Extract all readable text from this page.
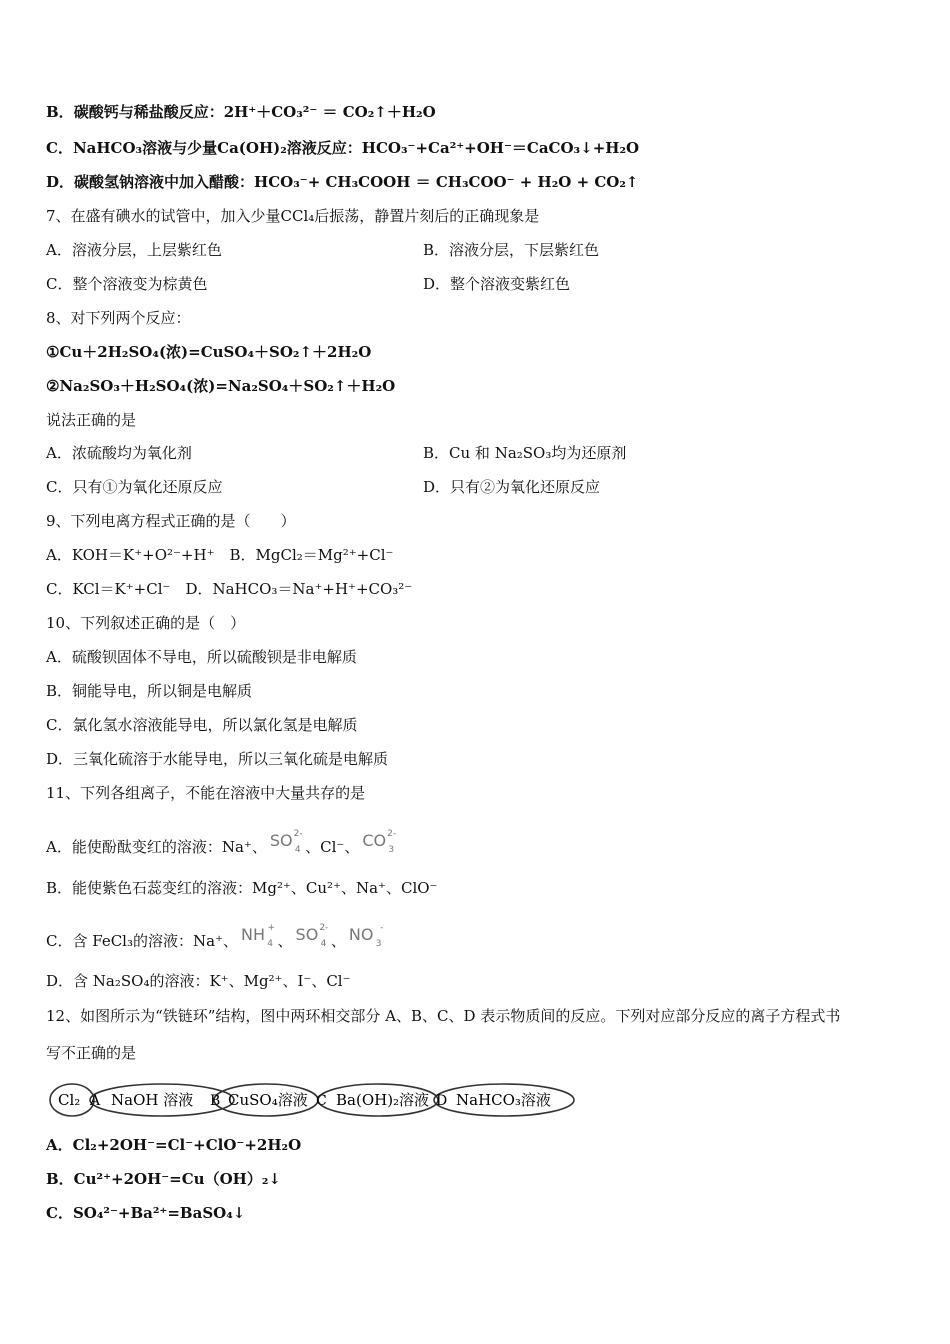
B．碳酸钙与稀盐酸反应：2H⁺＋CO₃²⁻ ＝ CO₂↑＋H₂O
C．NaHCO₃溶液与少量Ca(OH)₂溶液反应：HCO₃⁻+Ca²⁺+OH⁻＝CaCO₃↓+H₂O
D．碳酸氢钠溶液中加入醋酸：HCO₃⁻+ CH₃COOH ＝ CH₃COO⁻ + H₂O + CO₂↑
7、在盛有碘水的试管中，加入少量CCl₄后振荡，静置片刻后的正确现象是
A．溶液分层，上层紫红色	B．溶液分层，下层紫红色
C．整个溶液变为棕黄色	D．整个溶液变紫红色
8、对下列两个反应：
①Cu＋2H₂SO₄(浓)=CuSO₄＋SO₂↑＋2H₂O
②Na₂SO₃＋H₂SO₄(浓)=Na₂SO₄＋SO₂↑＋H₂O
说法正确的是
A．浓硫酸均为氧化剂	B．Cu 和 Na₂SO₃均为还原剂
C．只有①为氧化还原反应	D．只有②为氧化还原反应
9、下列电离方程式正确的是（　　）
A．KOH＝K⁺+O²⁻+H⁺　B．MgCl₂＝Mg²⁺+Cl⁻
C．KCl＝K⁺+Cl⁻　D．NaHCO₃＝Na⁺+H⁺+CO₃²⁻
10、下列叙述正确的是（　）
A．硫酸钡固体不导电，所以硫酸钡是非电解质
B．铜能导电，所以铜是电解质
C．氯化氢水溶液能导电，所以氯化氢是电解质
D．三氧化硫溶于水能导电，所以三氧化硫是电解质
11、下列各组离子，不能在溶液中大量共存的是
A．能使酚酞变红的溶液：Na⁺、 SO 4
2-
、Cl⁻、 CO 3
2-
B．能使紫色石蕊变红的溶液：Mg²⁺、Cu²⁺、Na⁺、ClO⁻
C．含 FeCl₃的溶液：Na⁺、 NH 4
+
、 SO 4
2-
、 NO 3
-
D．含 Na₂SO₄的溶液：K⁺、Mg²⁺、I⁻、Cl⁻
12、如图所示为“铁链环”结构，图中两环相交部分 A、B、C、D 表示物质间的反应。下列对应部分反应的离子方程式书
写不正确的是
Cl₂ NaOH 溶液 CuSO₄溶液 Ba(OH)₂溶液 NaHCO₃溶液
A	B	C	D
A．Cl₂+2OH⁻=Cl⁻+ClO⁻+2H₂O
B．Cu²⁺+2OH⁻=Cu（OH）₂↓
C．SO₄²⁻+Ba²⁺=BaSO₄↓
